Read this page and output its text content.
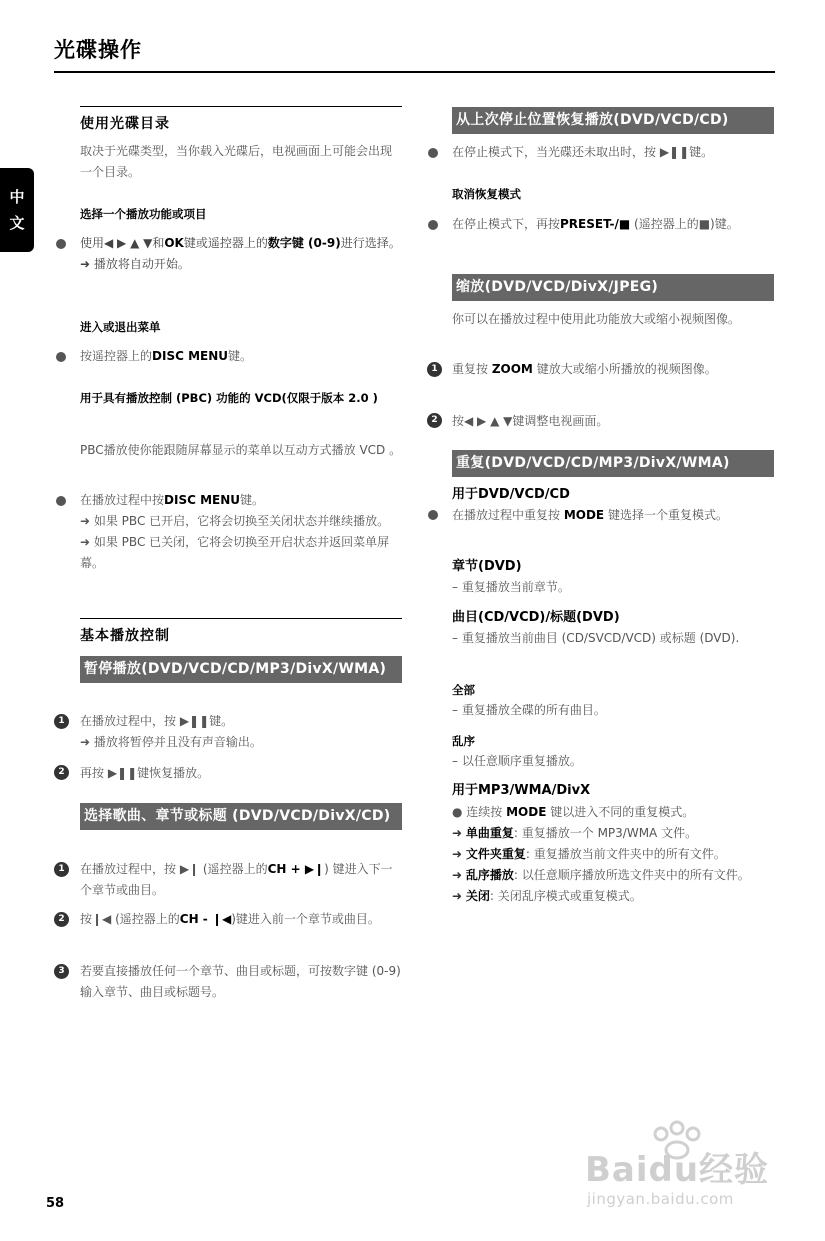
光碟操作
中
文
使用光碟目录
取决于光碟类型，当你载入光碟后，电视画面上可能会出现一个目录。
选择一个播放功能或项目
使用◀ ▶ ▲ ▼和OK键或遥控器上的数字键 (0-9)进行选择。
➜ 播放将自动开始。
进入或退出菜单
按遥控器上的DISC MENU键。
用于具有播放控制 (PBC) 功能的 VCD(仅限于版本 2.0 )
PBC播放使你能跟随屏幕显示的菜单以互动方式播放 VCD 。
在播放过程中按DISC MENU键。
➜ 如果 PBC 已开启，它将会切换至关闭状态并继续播放。
➜ 如果 PBC 已关闭，它将会切换至开启状态并返回菜单屏幕。
基本播放控制
暂停播放(DVD/VCD/CD/MP3/DivX/WMA)
1	在播放过程中，按 ▶❚❚键。
➜ 播放将暂停并且没有声音输出。
2	再按 ▶❚❚键恢复播放。
选择歌曲、章节或标题 (DVD/VCD/DivX/CD)
1	在播放过程中，按 ▶❙ (遥控器上的CH + ▶❙) 键进入下一个章节或曲目。
2	按❙◀ (遥控器上的CH - ❙◀)键进入前一个章节或曲目。
3	若要直接播放任何一个章节、曲目或标题，可按数字键 (0-9) 输入章节、曲目或标题号。
从上次停止位置恢复播放(DVD/VCD/CD)
在停止模式下，当光碟还未取出时，按 ▶❚❚键。
取消恢复模式
在停止模式下，再按PRESET-/■ (遥控器上的■)键。
缩放(DVD/VCD/DivX/JPEG)
你可以在播放过程中使用此功能放大或缩小视频图像。
1	重复按 ZOOM 键放大或缩小所播放的视频图像。
2	按◀ ▶ ▲ ▼键调整电视画面。
重复(DVD/VCD/CD/MP3/DivX/WMA)
用于DVD/VCD/CD
在播放过程中重复按 MODE 键选择一个重复模式。
章节(DVD)
– 重复播放当前章节。
曲目(CD/VCD)/标题(DVD)
– 重复播放当前曲目 (CD/SVCD/VCD) 或标题 (DVD).
全部
– 重复播放全碟的所有曲目。
乱序
– 以任意顺序重复播放。
用于MP3/WMA/DivX
● 连续按 MODE 键以进入不同的重复模式。
➜ 单曲重复: 重复播放一个 MP3/WMA 文件。
➜ 文件夹重复: 重复播放当前文件夹中的所有文件。
➜ 乱序播放: 以任意顺序播放所选文件夹中的所有文件。
➜ 关闭: 关闭乱序模式或重复模式。
58
Baidu经验
jingyan.baidu.com
